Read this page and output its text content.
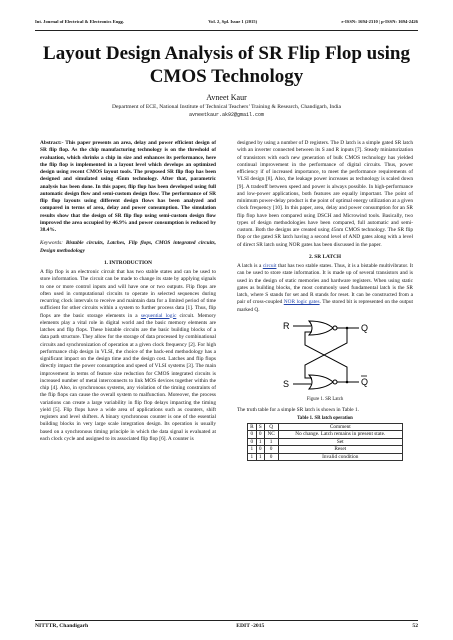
Int. Journal of Electrical & Electronics Engg.	Vol. 2, Spl. Issue 1 (2015)	e-ISSN: 1694-2310 | p-ISSN: 1694-2426
Layout Design Analysis of SR Flip Flop using CMOS Technology
Avneet Kaur
Department of ECE, National Institute of Technical Teachers’ Training & Research, Chandigarh, India
avneetkaur.ak92@gmail.com

Abstract:- This paper presents an area, delay and power efficient design of SR flip flop. As the chip manufacturing technology is on the threshold of evaluation, which shrinks a chip in size and enhances its performance, here the flip flop is implemented in a layout level which develops an optimized design using recent CMOS layout tools. The proposed SR flip flop has been designed and simulated using 45nm technology. After that, parametric analysis has been done. In this paper, flip flop has been developed using full automatic design flow and semi-custom design flow. The performance of SR flip flop layouts using different design flows has been analyzed and compared in terms of area, delay and power consumption. The simulation results show that the design of SR flip flop using semi-custom design flow improved the area occupied by 46.9% and power consumption is reduced by 38.4%.

Keywords: Bistable circuits, Latches, Flip flops, CMOS integrated circuits, Design methodology

1. INTRODUCTION

A flip flop is an electronic circuit that has two stable states and can be used to store information. The circuit can be made to change its state by applying signals to one or more control inputs and will have one or two outputs. Flip flops are often used in computational circuits to operate in selected sequences during recurring clock intervals to receive and maintain data for a limited period of time sufficient for other circuits within a system to further process data [1]. Thus, flip flops are the basic storage elements in a sequential logic circuit. Memory elements play a vital role in digital world and the basic memory elements are latches and flip flops. These bistable circuits are the basic building blocks of a data path structure. They allow for the storage of data processed by combinational circuits and synchronization of operation at a given clock frequency [2]. For high performance chip design in VLSI, the choice of the back-end methodology has a significant impact on the design time and the design cost. Latches and flip flops directly impact the power consumption and speed of VLSI systems [3]. The main improvement in terms of feature size reduction for CMOS integrated circuits is increased number of metal interconnects to link MOS devices together within the chip [4]. Also, in synchronous systems, any violation of the timing constraints of the flip flops can cause the overall system to malfunction. Moreover, the process variations can create a large variability in flip flop delays impacting the timing yield [5]. Flip flops have a wide area of applications such as counters, shift registers and level shifters. A binary synchronous counter is one of the essential building blocks in very large scale integration design. Its operation is usually based on a synchronous timing principle in which the data signal is evaluated at each clock cycle and assigned to its associated flip flop [6]. A counter is

designed by using a number of D registers. The D latch is a simple gated SR latch with an inverter connected between its S and R inputs [7]. Steady miniaturization of transistors with each new generation of bulk CMOS technology has yielded continual improvement in the performance of digital circuits. Thus, power efficiency if of increased importance, to meet the performance requirements of VLSI design [8]. Also, the leakage power increases as technology is scaled down [9]. A tradeoff between speed and power is always possible. In high-performance and low-power applications, both features are equally important. The point of minimum power-delay product is the point of optimal energy utilization at a given clock frequency [10]. In this paper, area, delay and power consumption for an SR flip flop have been compared using DSCH and Microwind tools. Basically, two types of design methodologies have been compared, full automatic and semi-custom. Both the designs are created using 45nm CMOS technology. The SR flip flop or the gated SR latch having a second level of AND gates along with a level of direct SR latch using NOR gates has been discussed in the paper.

2. SR LATCH

A latch is a circuit that has two stable states. Thus, it is a bistable multivibrator. It can be used to store state information. It is made up of several transistors and is used in the design of static memories and hardware registers. When using static gates as building blocks, the most commonly used fundamental latch is the SR latch, where S stands for set and R stands for reset. It can be constructed from a pair of cross-coupled NOR logic gates. The stored bit is represented on the output marked Q.

R	Q
S	Q

Figure 1. SR Latch

The truth table for a simple SR latch is shown in Table 1.

Table 1. SR latch operation

R	S	Q	Comment
0	0	NC	No change. Latch remains in present state.
0	1	1	Set
1	0	0	Reset
1	1	0	Invalid condition
NITTTR, Chandigarh	EDIT -2015	52
